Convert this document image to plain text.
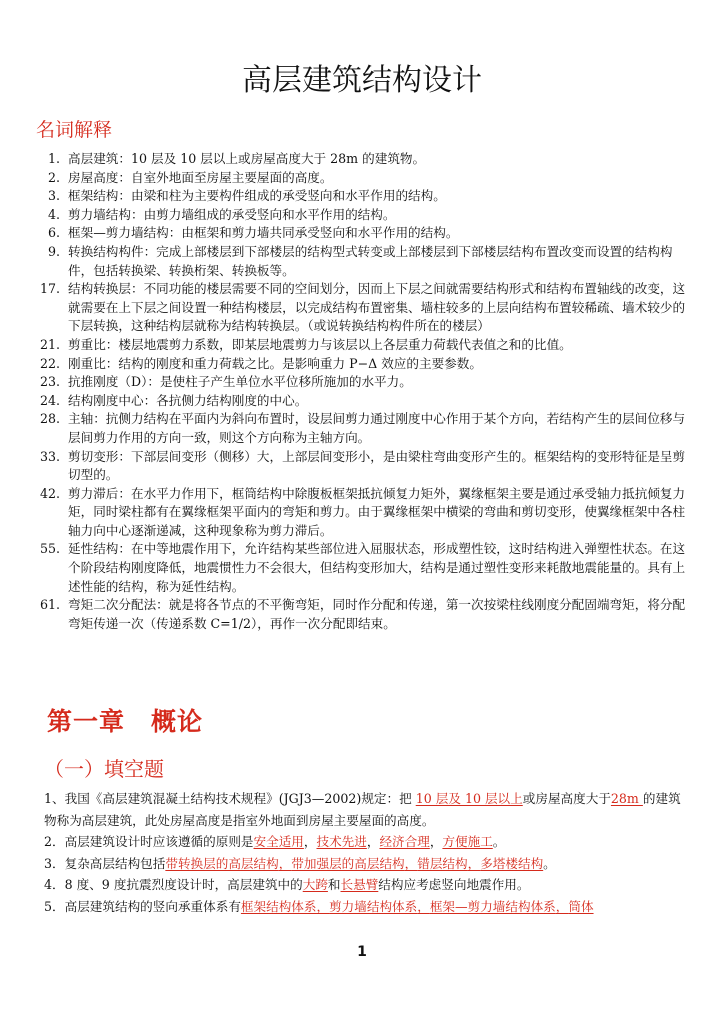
高层建筑结构设计
名词解释
1. 高层建筑：10 层及 10 层以上或房屋高度大于 28m 的建筑物。
2. 房屋高度：自室外地面至房屋主要屋面的高度。
3. 框架结构：由梁和柱为主要构件组成的承受竖向和水平作用的结构。
4. 剪力墙结构：由剪力墙组成的承受竖向和水平作用的结构。
6. 框架—剪力墙结构：由框架和剪力墙共同承受竖向和水平作用的结构。
9. 转换结构构件：完成上部楼层到下部楼层的结构型式转变或上部楼层到下部楼层结构布置改变而设置的结构构件，包括转换梁、转换桁架、转换板等。
17. 结构转换层：不同功能的楼层需要不同的空间划分，因而上下层之间就需要结构形式和结构布置轴线的改变，这就需要在上下层之间设置一种结构楼层，以完成结构布置密集、墙柱较多的上层向结构布置较稀疏、墙术较少的下层转换，这种结构层就称为结构转换层。（或说转换结构构件所在的楼层）
21. 剪重比：楼层地震剪力系数，即某层地震剪力与该层以上各层重力荷载代表值之和的比值。
22. 刚重比：结构的刚度和重力荷载之比。是影响重力 P−Δ 效应的主要参数。
23. 抗推刚度（D）：是使柱子产生单位水平位移所施加的水平力。
24. 结构刚度中心：各抗侧力结构刚度的中心。
28. 主轴：抗侧力结构在平面内为斜向布置时，设层间剪力通过刚度中心作用于某个方向，若结构产生的层间位移与层间剪力作用的方向一致，则这个方向称为主轴方向。
33. 剪切变形：下部层间变形（侧移）大，上部层间变形小，是由梁柱弯曲变形产生的。框架结构的变形特征是呈剪切型的。
42. 剪力滞后：在水平力作用下，框筒结构中除腹板框架抵抗倾复力矩外，翼缘框架主要是通过承受轴力抵抗倾复力矩，同时梁柱都有在翼缘框架平面内的弯矩和剪力。由于翼缘框架中横梁的弯曲和剪切变形，使翼缘框架中各柱轴力向中心逐渐递减，这种现象称为剪力滞后。
55. 延性结构：在中等地震作用下，允许结构某些部位进入屈服状态，形成塑性铰，这时结构进入弹塑性状态。在这个阶段结构刚度降低，地震惯性力不会很大，但结构变形加大，结构是通过塑性变形来耗散地震能量的。具有上述性能的结构，称为延性结构。
61. 弯矩二次分配法：就是将各节点的不平衡弯矩，同时作分配和传递，第一次按梁柱线刚度分配固端弯矩，将分配弯矩传递一次（传递系数 C=1/2），再作一次分配即结束。
第一章　概论
（一）填空题

1、我国《高层建筑混凝土结构技术规程》(JGJ3—2002)规定：把 10 层及 10 层以上或房屋高度大于28m 的建筑物称为高层建筑，此处房屋高度是指室外地面到房屋主要屋面的高度。

2．高层建筑设计时应该遵循的原则是安全适用，技术先进，经济合理，方便施工。

3．复杂高层结构包括带转换层的高层结构，带加强层的高层结构，错层结构，多塔楼结构。

4．8 度、9 度抗震烈度设计时，高层建筑中的大跨和长悬臂结构应考虑竖向地震作用。

5．高层建筑结构的竖向承重体系有框架结构体系，剪力墙结构体系，框架—剪力墙结构体系，筒体

1
